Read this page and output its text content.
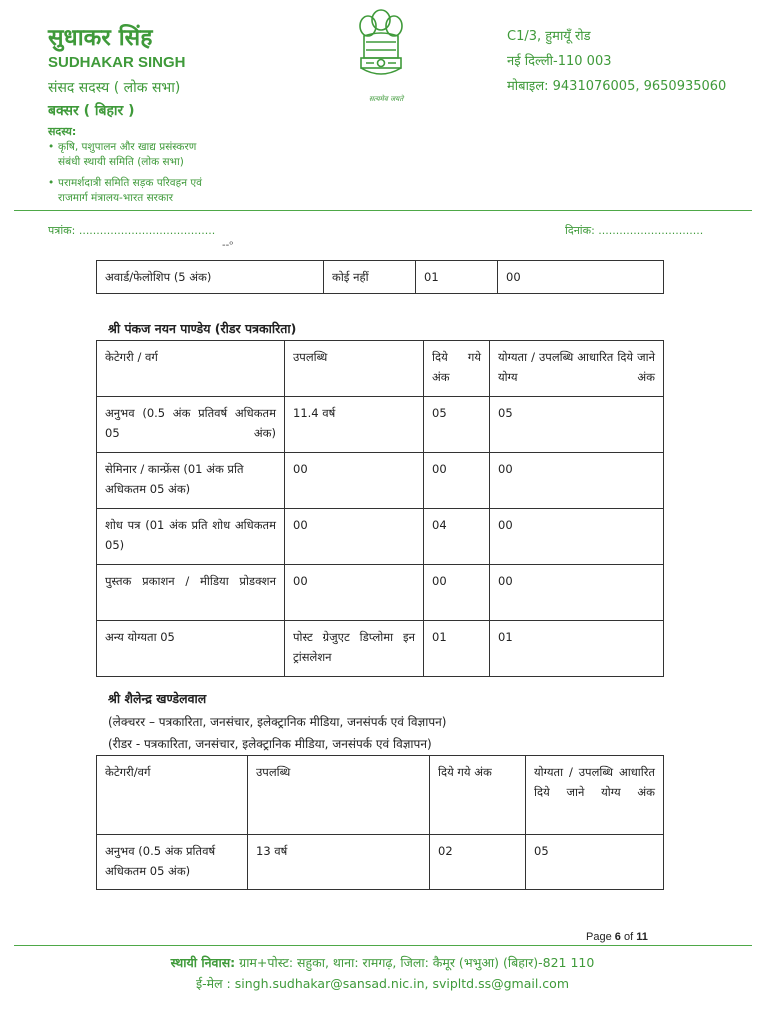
सुधाकर सिंह
SUDHAKAR SINGH
संसद सदस्य ( लोक सभा)
बक्सर ( बिहार )
सदस्य:
• कृषि, पशुपालन और खाद्य प्रसंस्करण
संबंधी स्थायी समिति (लोक सभा)
• परामर्शदात्री समिति सड़क परिवहन एवं
राजमार्ग मंत्रालय-भारत सरकार
सत्यमेव जयते
C1/3, हुमायूँ रोड
नई दिल्ली-110 003
मोबाइल: 9431076005, 9650935060
पत्रांक: .......................................	दिनांक: ..............................
--ᵒ
अवार्ड/फेलोशिप (5 अंक)	कोई नहीं	01	00
श्री पंकज नयन पाण्डेय (रीडर पत्रकारिता)
केटेगरी / वर्ग	उपलब्धि	दिये गये अंक	योग्यता / उपलब्धि आधारित दिये जाने योग्य अंक
अनुभव (0.5 अंक प्रतिवर्ष अधिकतम 05 अंक)	11.4 वर्ष	05	05
सेमिनार / कान्फ्रेंस (01 अंक प्रति अधिकतम 05 अंक)	00	00	00
शोध पत्र (01 अंक प्रति शोध अधिकतम 05)	00	04	00
पुस्तक प्रकाशन / मीडिया प्रोडक्शन	00	00	00
अन्य योग्यता 05	पोस्ट ग्रेजुएट डिप्लोमा इन ट्रांसलेशन	01	01
श्री शैलेन्द्र खण्डेलवाल
(लेक्चरर – पत्रकारिता, जनसंचार, इलेक्ट्रानिक मीडिया, जनसंपर्क एवं विज्ञापन)
(रीडर - पत्रकारिता, जनसंचार, इलेक्ट्रानिक मीडिया, जनसंपर्क एवं विज्ञापन)
केटेगरी/वर्ग	उपलब्धि	दिये गये अंक	योग्यता / उपलब्धि आधारित दिये जाने योग्य अंक
अनुभव (0.5 अंक प्रतिवर्ष अधिकतम 05 अंक)	13 वर्ष	02	05
Page 6 of 11
स्थायी निवास: ग्राम+पोस्ट: सहुका, थाना: रामगढ़, जिला: कैमूर (भभुआ) (बिहार)-821 110
ई-मेल : singh.sudhakar@sansad.nic.in, svipltd.ss@gmail.com
